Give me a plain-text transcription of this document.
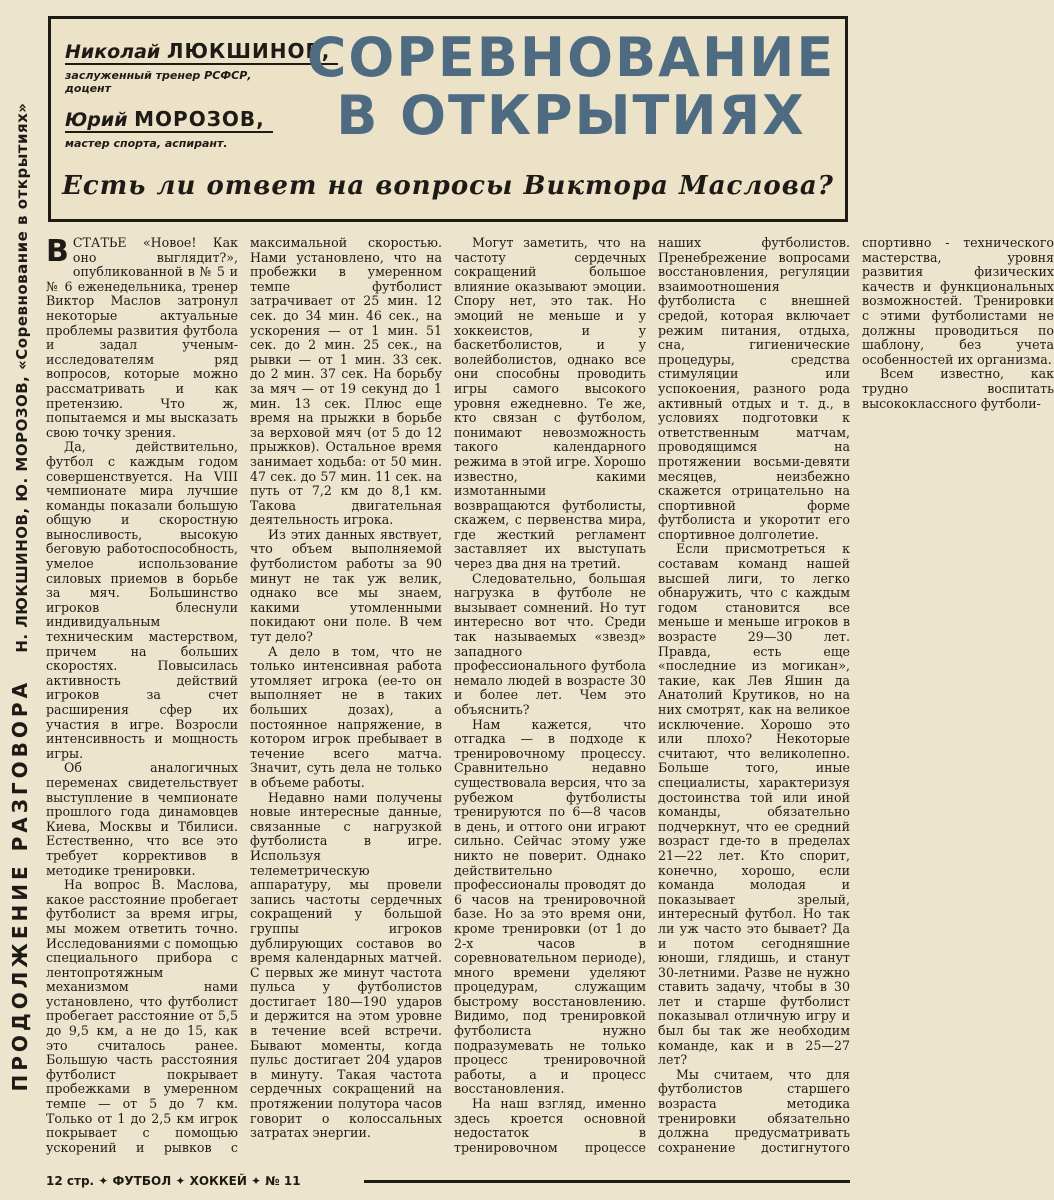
ПРОДОЛЖЕНИЕ РАЗГОВОРА    Н. ЛЮКШИНОВ, Ю. МОРОЗОВ, «Соревнование в открытиях»
Николай ЛЮКШИНОВ,
заслуженный тренер РСФСР,
доцент
Юрий МОРОЗОВ,
мастер спорта, аспирант.
СОРЕВНОВАНИЕ
В ОТКРЫТИЯХ
Есть ли ответ на вопросы Виктора Маслова?

ВСТАТЬЕ «Новое! Как оно выглядит?», опубликованной в № 5 и № 6 еженедельника, тренер Виктор Маслов затронул некоторые актуальные проблемы развития футбола и задал ученым-исследователям ряд вопросов, которые можно рассматривать и как претензию. Что ж, попытаемся и мы высказать свою точку зрения.

Да, действительно, футбол с каждым годом совершенствуется. На VIII чемпионате мира лучшие команды показали большую общую и скоростную выносливость, высокую беговую работоспособность, умелое использование силовых приемов в борьбе за мяч. Большинство игроков блеснули индивидуальным техническим мастерством, причем на больших скоростях. Повысилась активность действий игроков за счет расширения сфер их участия в игре. Возросли интенсивность и мощность игры.

Об аналогичных переменах свидетельствует выступление в чемпионате прошлого года динамовцев Киева, Москвы и Тбилиси. Естественно, что все это требует коррективов в методике тренировки.

На вопрос В. Маслова, какое расстояние пробегает футболист за время игры, мы можем ответить точно. Исследованиями с помощью специального прибора с лентопротяжным механизмом нами установлено, что футболист пробегает расстояние от 5,5 до 9,5 км, а не до 15, как это считалось ранее. Большую часть расстояния футболист покрывает пробежками в умеренном темпе — от 5 до 7 км. Только от 1 до 2,5 км игрок покрывает с помощью ускорений и рывков с максимальной скоростью. Нами установлено, что на пробежки в умеренном темпе футболист затрачивает от 25 мин. 12 сек. до 34 мин. 46 сек., на ускорения — от 1 мин. 51 сек. до 2 мин. 25 сек., на рывки — от 1 мин. 33 сек. до 2 мин. 37 сек. На борьбу за мяч — от 19 секунд до 1 мин. 13 сек. Плюс еще время на прыжки в борьбе за верховой мяч (от 5 до 12 прыжков). Остальное время занимает ходьба: от 50 мин. 47 сек. до 57 мин. 11 сек. на путь от 7,2 км до 8,1 км. Такова двигательная деятельность игрока.

Из этих данных явствует, что объем выполняемой футболистом работы за 90 минут не так уж велик, однако все мы знаем, какими утомленными покидают они поле. В чем тут дело?

А дело в том, что не только интенсивная работа утомляет игрока (ее-то он выполняет не в таких больших дозах), а постоянное напряжение, в котором игрок пребывает в течение всего матча. Значит, суть дела не только в объеме работы.

Недавно нами получены новые интересные данные, связанные с нагрузкой футболиста в игре. Используя телеметрическую аппаратуру, мы провели запись частоты сердечных сокращений у большой группы игроков дублирующих составов во время календарных матчей. С первых же минут частота пульса у футболистов достигает 180—190 ударов и держится на этом уровне в течение всей встречи. Бывают моменты, когда пульс достигает 204 ударов в минуту. Такая частота сердечных сокращений на протяжении полутора часов говорит о колоссальных затратах энергии.

Могут заметить, что на частоту сердечных сокращений большое влияние оказывают эмоции. Спору нет, это так. Но эмоций не меньше и у хоккеистов, и у баскетболистов, и у волейболистов, однако все они способны проводить игры самого высокого уровня ежедневно. Те же, кто связан с футболом, понимают невозможность такого календарного режима в этой игре. Хорошо известно, какими измотанными возвращаются футболисты, скажем, с первенства мира, где жесткий регламент заставляет их выступать через два дня на третий.

Следовательно, большая нагрузка в футболе не вызывает сомнений. Но тут интересно вот что. Среди так называемых «звезд» западного профессионального футбола немало людей в возрасте 30 и более лет. Чем это объяснить?

Нам кажется, что отгадка — в подходе к тренировочному процессу. Сравнительно недавно существовала версия, что за рубежом футболисты тренируются по 6—8 часов в день, и оттого они играют сильно. Сейчас этому уже никто не поверит. Однако действительно профессионалы проводят до 6 часов на тренировочной базе. Но за это время они, кроме тренировки (от 1 до 2-х часов в соревновательном периоде), много времени уделяют процедурам, служащим быстрому восстановлению. Видимо, под тренировкой футболиста нужно подразумевать не только процесс тренировочной работы, а и процесс восстановления.

На наш взгляд, именно здесь кроется основной недостаток в тренировочном процессе наших футболистов. Пренебрежение вопросами восстановления, регуляции взаимоотношения футболиста с внешней средой, которая включает режим питания, отдыха, сна, гигиенические процедуры, средства стимуляции или успокоения, разного рода активный отдых и т. д., в условиях подготовки к ответственным матчам, проводящимся на протяжении восьми-девяти месяцев, неизбежно скажется отрицательно на спортивной форме футболиста и укоротит его спортивное долголетие.

Если присмотреться к составам команд нашей высшей лиги, то легко обнаружить, что с каждым годом становится все меньше и меньше игроков в возрасте 29—30 лет. Правда, есть еще «последние из могикан», такие, как Лев Яшин да Анатолий Крутиков, но на них смотрят, как на великое исключение. Хорошо это или плохо? Некоторые считают, что великолепно. Больше того, иные специалисты, характеризуя достоинства той или иной команды, обязательно подчеркнут, что ее средний возраст где-то в пределах 21—22 лет. Кто спорит, конечно, хорошо, если команда молодая и показывает зрелый, интересный футбол. Но так ли уж часто это бывает? Да и потом сегодняшние юноши, глядишь, и станут 30-летними. Разве не нужно ставить задачу, чтобы в 30 лет и старше футболист показывал отличную игру и был бы так же необходим команде, как и в 25—27 лет?

Мы считаем, что для футболистов старшего возраста методика тренировки обязательно должна предусматривать сохранение достигнутого спортивно - технического мастерства, уровня развития физических качеств и функциональных возможностей. Тренировки с этими футболистами не должны проводиться по шаблону, без учета особенностей их организма.

Всем известно, как трудно воспитать высококлассного футболи-

12 стр. ✦ ФУТБОЛ ✦ ХОККЕЙ ✦ № 11
